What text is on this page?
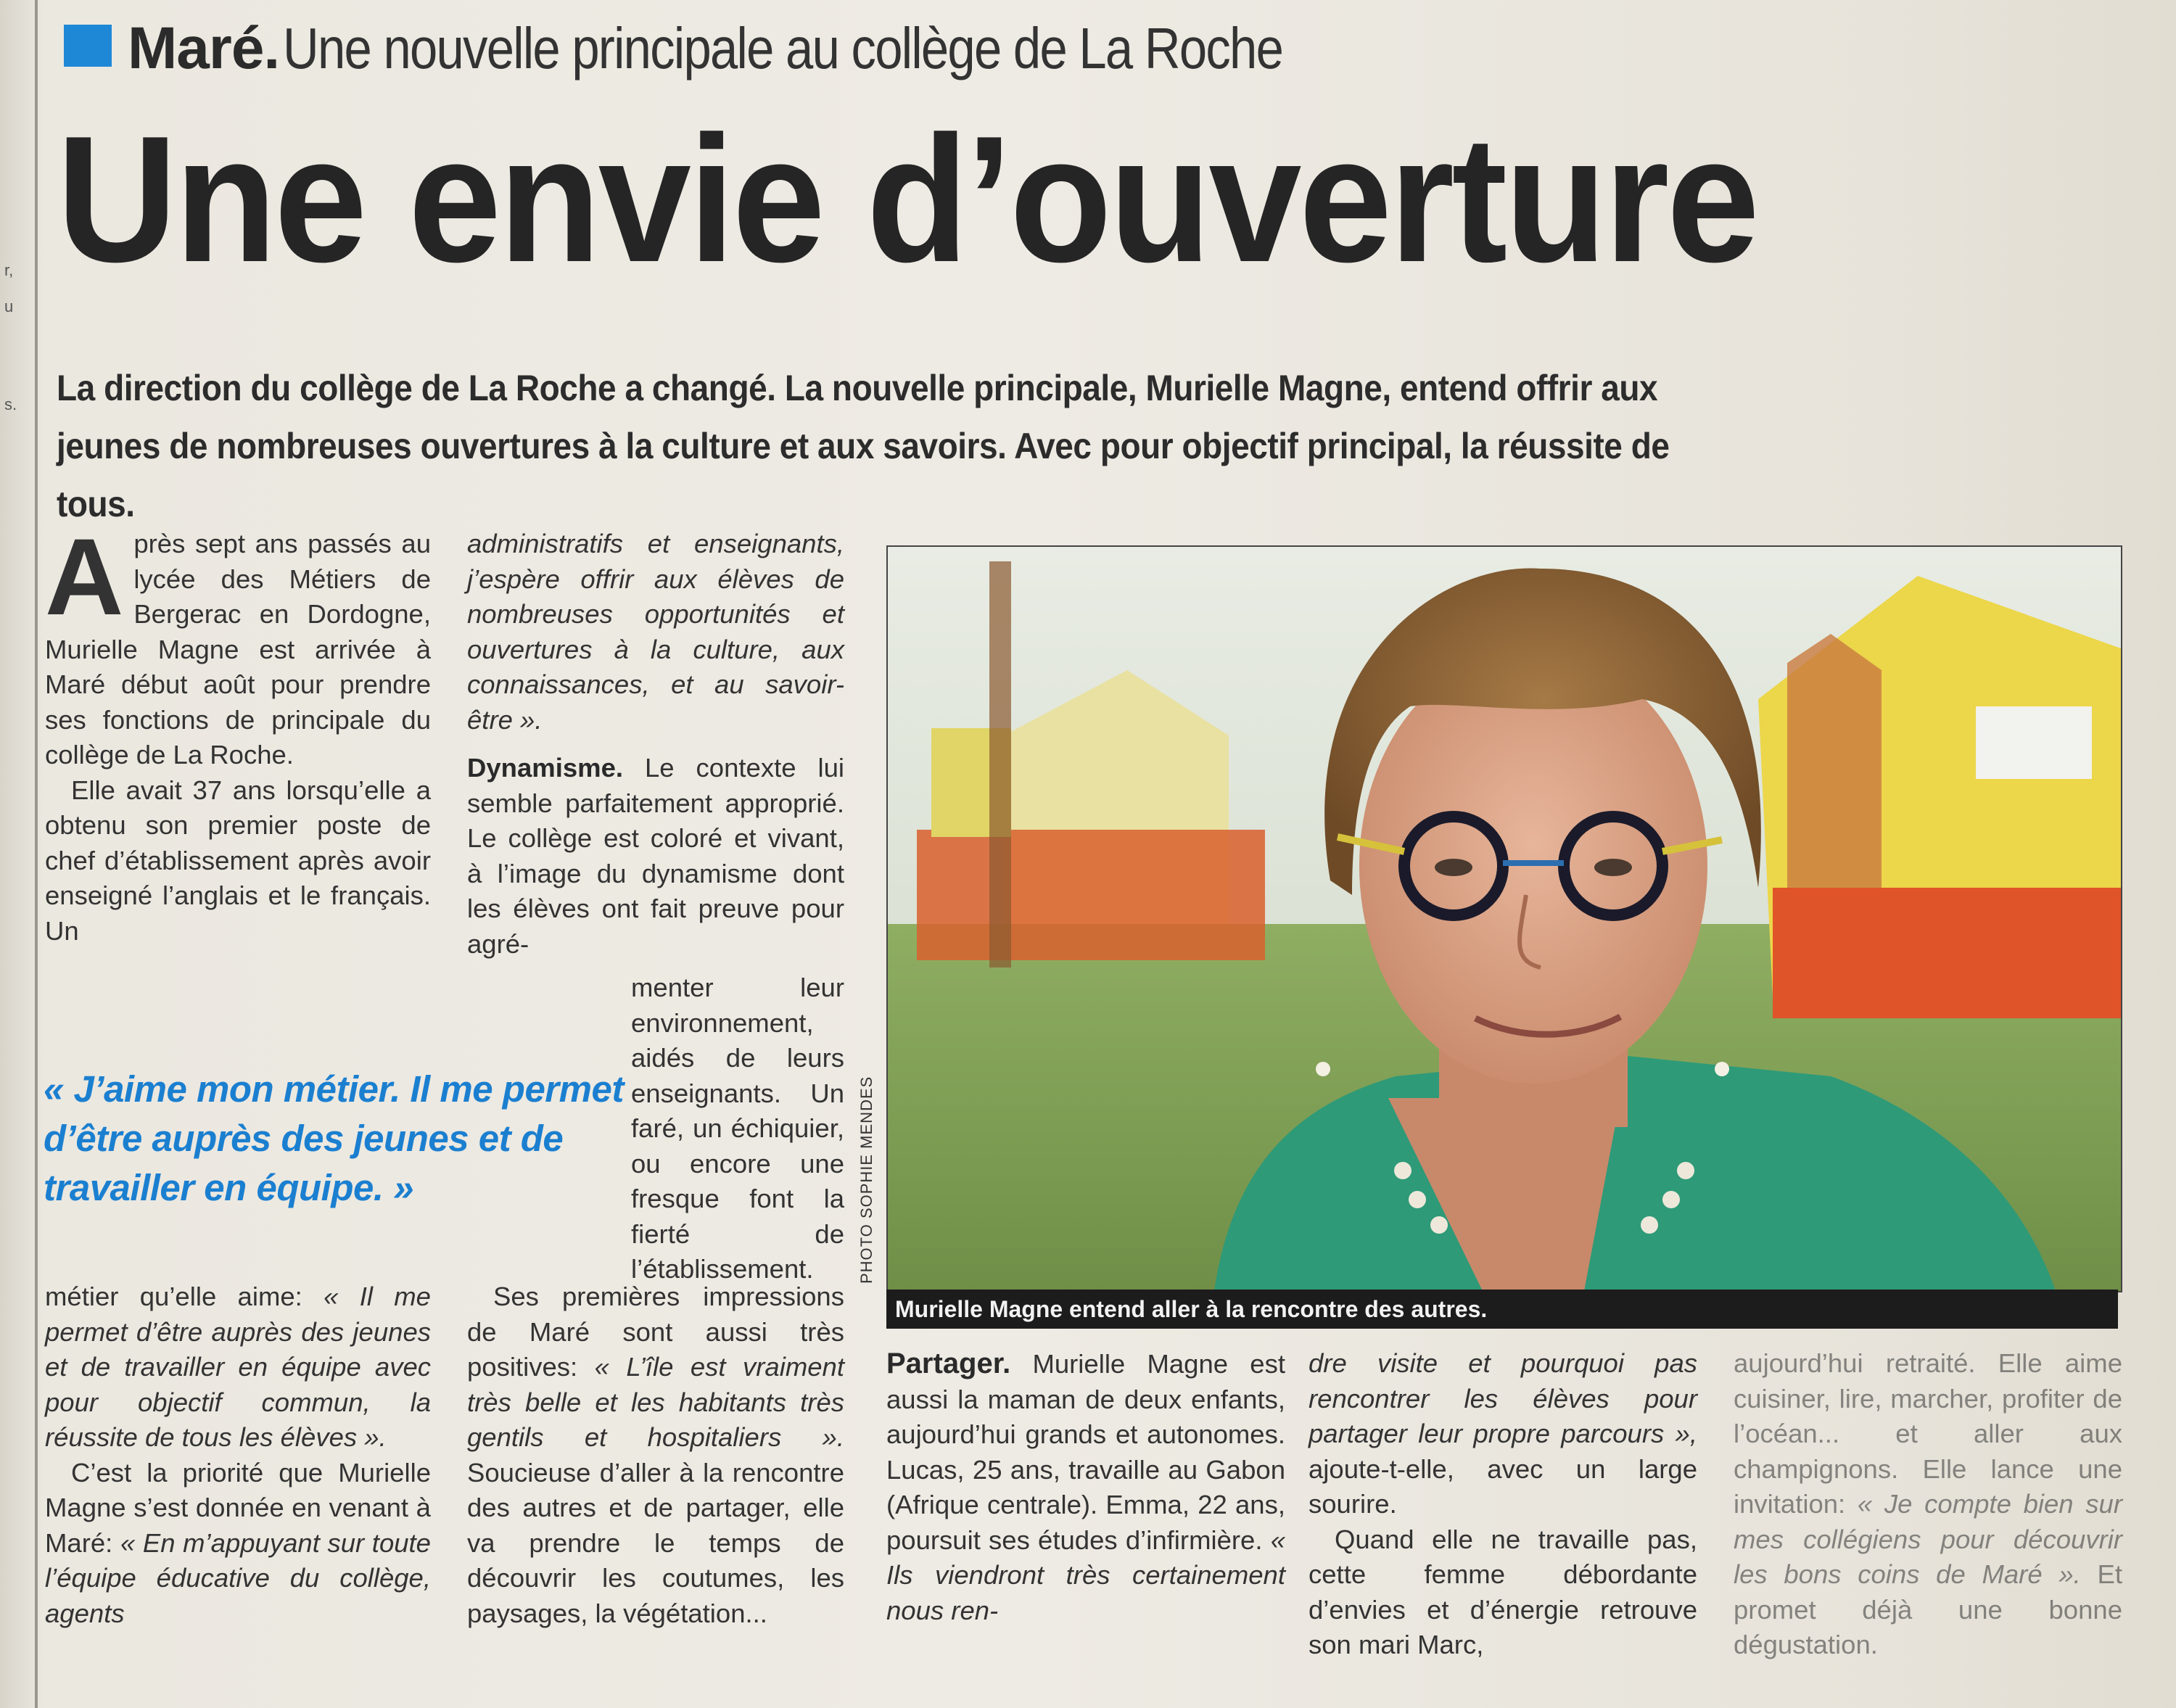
r,
u
s.
Maré. Une nouvelle principale au collège de La Roche
Une envie d’ouverture
La direction du collège de La Roche a changé. La nouvelle principale, Murielle Magne, entend offrir aux jeunes de nombreuses ouvertures à la culture et aux savoirs. Avec pour objectif principal, la réussite de tous.

Après sept ans passés au lycée des Métiers de Bergerac en Dordogne, Murielle Magne est arrivée à Maré début août pour prendre ses fonctions de principale du collège de La Roche.

Elle avait 37 ans lorsqu’elle a obtenu son premier poste de chef d’établissement après avoir enseigné l’anglais et le français. Un

« J’aime mon métier. Il me permet d’être auprès des jeunes et de travailler en équipe. »

métier qu’elle aime: « Il me permet d’être auprès des jeunes et de travailler en équipe avec pour objectif commun, la réussite de tous les élèves ».

C’est la priorité que Murielle Magne s’est donnée en venant à Maré: « En m’appuyant sur toute l’équipe éducative du collège, agents

administratifs et enseignants, j’espère offrir aux élèves de nombreuses opportunités et ouvertures à la culture, aux connaissances, et au savoir-être ».

Dynamisme. Le contexte lui semble parfaitement approprié. Le collège est coloré et vivant, à l’image du dynamisme dont les élèves ont fait preuve pour agré-

menter leur environnement, aidés de leurs enseignants. Un faré, un échiquier, ou encore une fresque font la fierté de l’établissement.

Ses premières impressions de Maré sont aussi très positives: « L’île est vraiment très belle et les habitants très gentils et hospitaliers ». Soucieuse d’aller à la rencontre des autres et de partager, elle va prendre le temps de découvrir les coutumes, les paysages, la végétation...

PHOTO SOPHIE MENDES
Murielle Magne entend aller à la rencontre des autres.

Partager. Murielle Magne est aussi la maman de deux enfants, aujourd’hui grands et autonomes. Lucas, 25 ans, travaille au Gabon (Afrique centrale). Emma, 22 ans, poursuit ses études d’infirmière. « Ils viendront très certainement nous ren-

dre visite et pourquoi pas rencontrer les élèves pour partager leur propre parcours », ajoute-t-elle, avec un large sourire.

Quand elle ne travaille pas, cette femme débordante d’envies et d’énergie retrouve son mari Marc,

aujourd’hui retraité. Elle aime cuisiner, lire, marcher, profiter de l’océan... et aller aux champignons. Elle lance une invitation: « Je compte bien sur mes collégiens pour découvrir les bons coins de Maré ». Et promet déjà une bonne dégustation.
